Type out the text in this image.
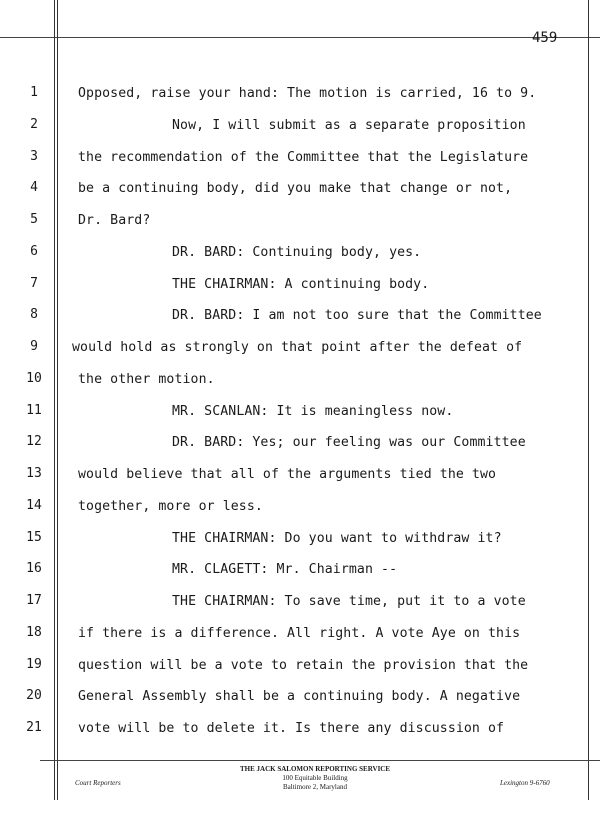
459
1	Opposed, raise your hand: The motion is carried, 16 to 9.
2	Now, I will submit as a separate proposition
3	the recommendation of the Committee that the Legislature
4	be a continuing body, did you make that change or not,
5	Dr. Bard?
6	DR. BARD: Continuing body, yes.
7	THE CHAIRMAN: A continuing body.
8	DR. BARD: I am not too sure that the Committee
9	would hold as strongly on that point after the defeat of
10	the other motion.
11	MR. SCANLAN: It is meaningless now.
12	DR. BARD: Yes; our feeling was our Committee
13	would believe that all of the arguments tied the two
14	together, more or less.
15	THE CHAIRMAN: Do you want to withdraw it?
16	MR. CLAGETT: Mr. Chairman --
17	THE CHAIRMAN: To save time, put it to a vote
18	if there is a difference. All right. A vote Aye on this
19	question will be a vote to retain the provision that the
20	General Assembly shall be a continuing body. A negative
21	vote will be to delete it. Is there any discussion of
Court Reporters
THE JACK SALOMON REPORTING SERVICE
100 Equitable Building
Baltimore 2, Maryland	Lexington 9-6760
